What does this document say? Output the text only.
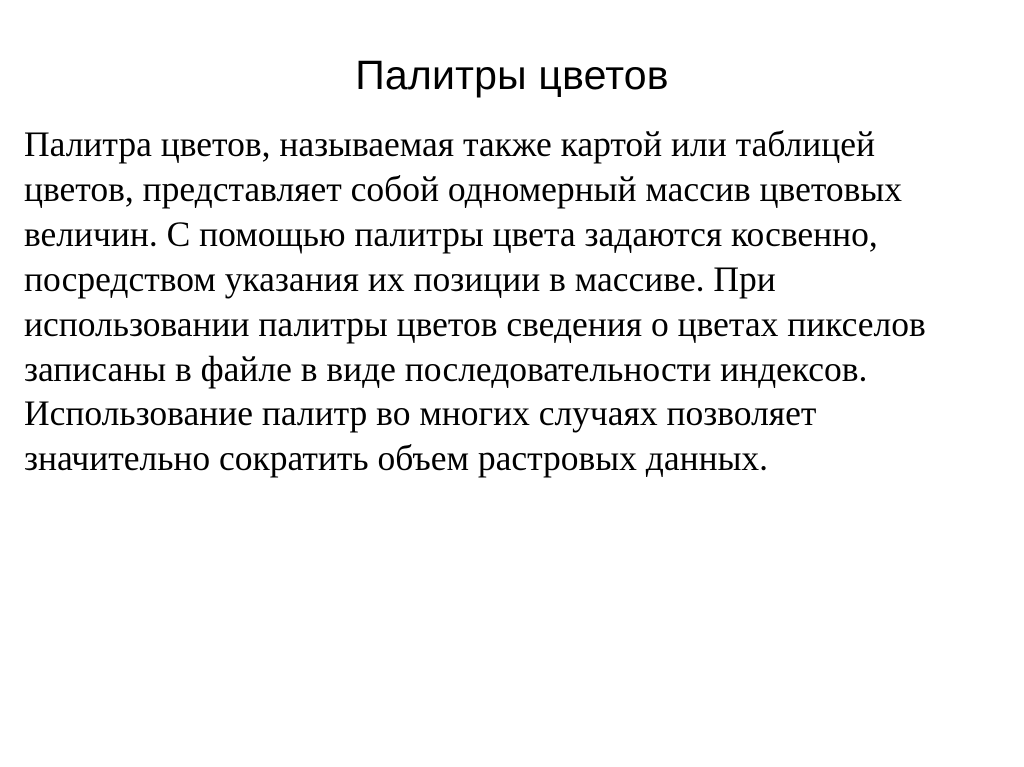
Палитры цветов

Палитра цветов, называемая также картой или таблицей цветов, представляет собой одномерный массив цветовых величин. С помощью палитры цвета задаются косвенно, посредством указания их позиции в массиве. При использовании палитры цветов сведения о цветах пикселов записаны в файле в виде последовательности индексов. Использование палитр во многих случаях позволяет значительно сократить объем растровых данных.
